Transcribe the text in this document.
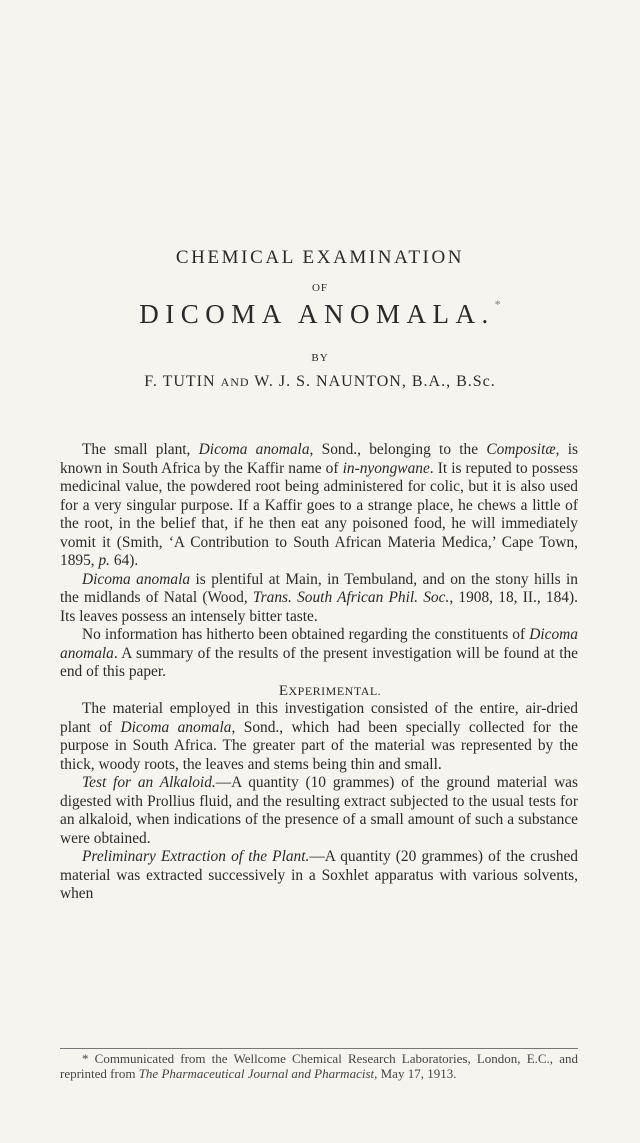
CHEMICAL EXAMINATION
OF
DICOMA ANOMALA.*
BY
F. TUTIN AND W. J. S. NAUNTON, B.A., B.Sc.

The small plant, Dicoma anomala, Sond., belonging to the Compositæ, is known in South Africa by the Kaffir name of in-nyongwane. It is reputed to possess medicinal value, the powdered root being administered for colic, but it is also used for a very singular purpose. If a Kaffir goes to a strange place, he chews a little of the root, in the belief that, if he then eat any poisoned food, he will immediately vomit it (Smith, ‘A Contribution to South African Materia Medica,’ Cape Town, 1895, p. 64).

Dicoma anomala is plentiful at Main, in Tembuland, and on the stony hills in the midlands of Natal (Wood, Trans. South African Phil. Soc., 1908, 18, II., 184). Its leaves possess an intensely bitter taste.

No information has hitherto been obtained regarding the constituents of Dicoma anomala. A summary of the results of the present investigation will be found at the end of this paper.

EXPERIMENTAL.

The material employed in this investigation consisted of the entire, air-dried plant of Dicoma anomala, Sond., which had been specially collected for the purpose in South Africa. The greater part of the material was represented by the thick, woody roots, the leaves and stems being thin and small.

Test for an Alkaloid.—A quantity (10 grammes) of the ground material was digested with Prollius fluid, and the resulting extract subjected to the usual tests for an alkaloid, when indications of the presence of a small amount of such a substance were obtained.

Preliminary Extraction of the Plant.—A quantity (20 grammes) of the crushed material was extracted successively in a Soxhlet apparatus with various solvents, when

* Communicated from the Wellcome Chemical Research Laboratories, London, E.C., and reprinted from The Pharmaceutical Journal and Pharmacist, May 17, 1913.
